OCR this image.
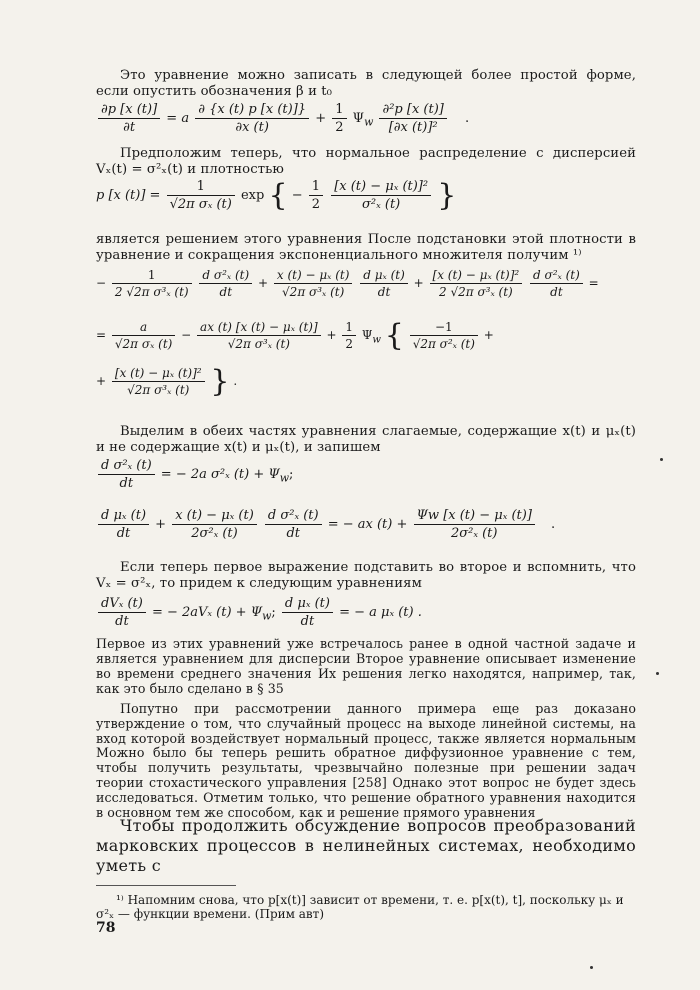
Это уравнение можно записать в следующей более простой форме, если опустить обозначения β и t₀
$\frac{\partial p [x (t)]}{\partial t} = a \frac{\partial \{x (t) p [x (t)]\}}{\partial x (t)} + \frac{1}{2} \Psi_w \frac{\text{∂²p [x (t)]}}{\text{[∂x (t)]²}}$ .
Предположим теперь, что нормальное распределение с дисперсией Vₓ(t) = σ²ₓ(t) и плотностью
p [x $(t)] = \frac{1}{\text{√2π σₓ (t)}}$ exp { − $\frac{1}{2}$
$\frac{\text{[x (t) − μₓ (t)]²}}{\text{σ²ₓ (t)}}$ }
является решением этого уравнения После подстановки этой плотности в уравнение и сокращения экспоненциального множителя получим ¹⁾
− $\frac{1}{\text{2 √2π σ³ₓ (t)}}$
$\frac{\text{d σ²ₓ (t)}}{dt} + \frac{\text{x (t) − μₓ (t)}}{\text{√2π σ³ₓ (t)}}$
$\frac{\text{d μₓ (t)}}{dt} + \frac{\text{[x (t) − μₓ (t)]²}}{\text{2 √2π σ³ₓ (t)}}$
$\frac{\text{d σ²ₓ (t)}}{dt}$ =
= $\frac{a}{\text{√2π σₓ (t)}} - \frac{\text{ax (t) [x (t) − μₓ (t)]}}{\text{√2π σ³ₓ (t)}} + \frac{1}{2} \Psi_w$ { $\frac{-1}{\text{√2π σ²ₓ (t)}}$ +
+ $\frac{\text{[x (t) − μₓ (t)]²}}{\text{√2π σ³ₓ (t)}}$ } .
Выделим в обеих частях уравнения слагаемые, содержащие x(t) и μₓ(t) и не содержащие x(t) и μₓ(t), и запишем
$\frac{\text{d σ²ₓ (t)}}{dt}$ = − 2a σ²ₓ $(t) + \Psi_w$;
$\frac{\text{d μₓ (t)}}{dt} + \frac{\text{x (t) − μₓ (t)}}{\text{2σ²ₓ (t)}}$
$\frac{\text{d σ²ₓ (t)}}{dt}$ = − ax $(t) + \frac{\text{Ψw [x (t) − μₓ (t)]}}{\text{2σ²ₓ (t)}}$ .
Если теперь первое выражение подставить во второе и вспомнить, что Vₓ = σ²ₓ, то придем к следующим уравнениям
$\frac{\text{dVₓ (t)}}{dt}$ = − 2aVₓ $(t) + \Psi_w$; $\frac{\text{d μₓ (t)}}{dt}$ = − a μₓ (t) .
Первое из этих уравнений уже встречалось ранее в одной частной задаче и является уравнением для дисперсии Второе уравнение описывает изменение во времени среднего значения Их решения легко находятся, например, так, как это было сделано в § 35
Попутно при рассмотрении данного примера еще раз доказано утверждение о том, что случайный процесс на выходе линейной системы, на вход которой воздействует нормальный процесс, также является нормальным Можно было бы теперь решить обратное диффузионное уравнение с тем, чтобы получить результаты, чрезвычайно полезные при решении задач теории стохастического управления [258] Однако этот вопрос не будет здесь исследоваться. Отметим только, что решение обратного уравнения находится в основном тем же способом, как и решение прямого уравнения
Чтобы продолжить обсуждение вопросов преобразований марковских процессов в нелинейных системах, необходимо уметь с
¹⁾ Напомним снова, что p[x(t)] зависит от времени, т. е. p[x(t), t], поскольку μₓ и σ²ₓ — функции времени. (Прим авт)
78
